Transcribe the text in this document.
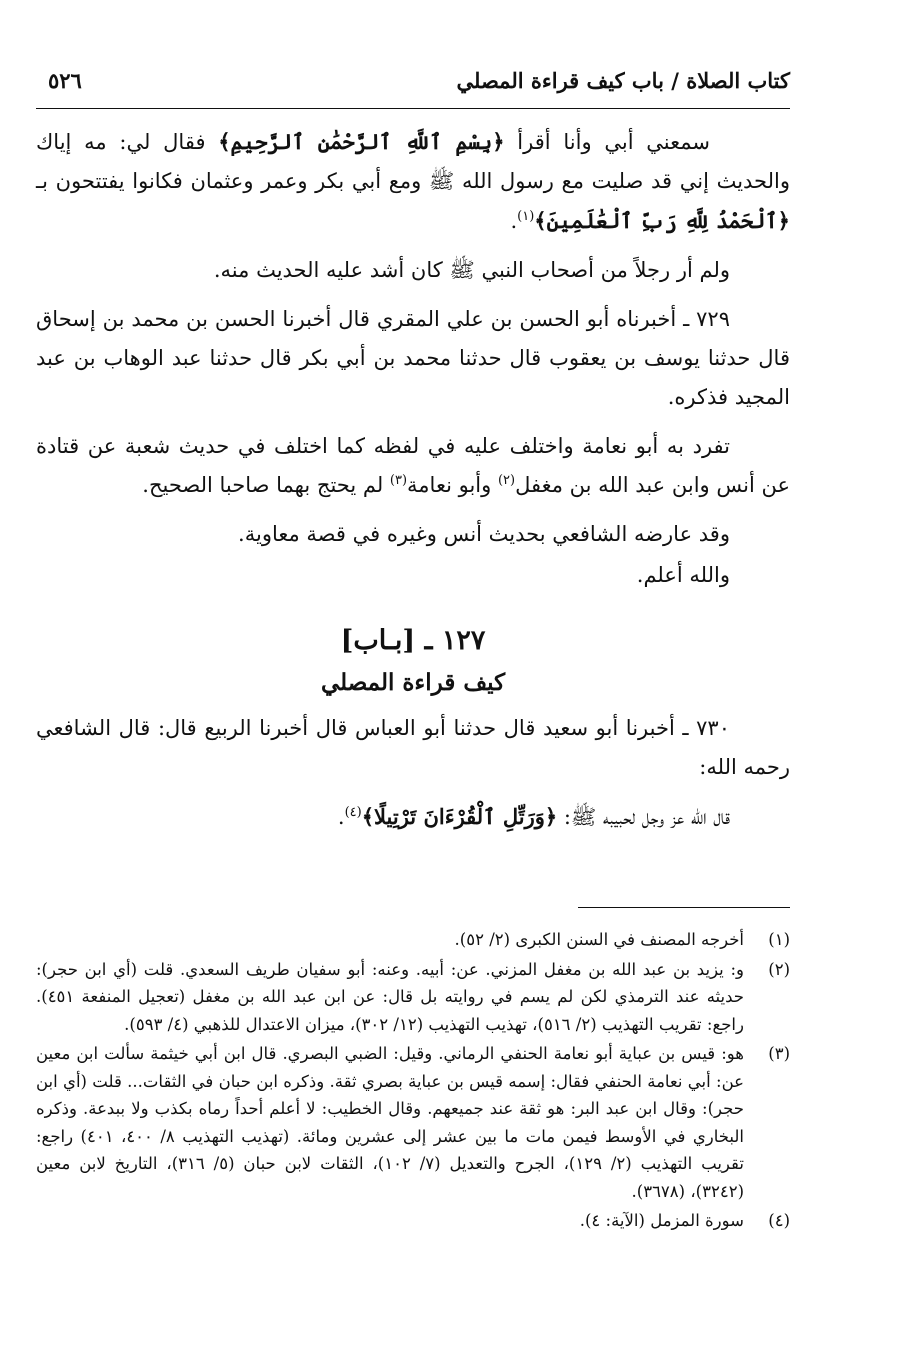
كتاب الصلاة / باب كيف قراءة المصلي
٥٢٦

سمعني أبي وأنا أقرأ ﴿بِسْمِ ٱللَّهِ ٱلرَّحْمَٰنِ ٱلرَّحِيمِ﴾ فقال لي: مه إياك والحديث إني قد صليت مع رسول الله ﷺ ومع أبي بكر وعمر وعثمان فكانوا يفتتحون بـ ﴿ٱلْحَمْدُ لِلَّهِ رَبِّ ٱلْعَٰلَمِينَ﴾$^{(١)}$.

ولم أر رجلاً من أصحاب النبي ﷺ كان أشد عليه الحديث منه.

٧٢٩ ـ أخبرناه أبو الحسن بن علي المقري قال أخبرنا الحسن بن محمد بن إسحاق قال حدثنا يوسف بن يعقوب قال حدثنا محمد بن أبي بكر قال حدثنا عبد الوهاب بن عبد المجيد فذكره.

تفرد به أبو نعامة واختلف عليه في لفظه كما اختلف في حديث شعبة عن قتادة عن أنس وابن عبد الله بن مغفل$^{(٢)}$ وأبو نعامة$^{(٣)}$ لم يحتج بهما صاحبا الصحيح.

وقد عارضه الشافعي بحديث أنس وغيره في قصة معاوية.

والله أعلم.

١٢٧ ـ [بـاب]
كيف قراءة المصلي

٧٣٠ ـ أخبرنا أبو سعيد قال حدثنا أبو العباس قال أخبرنا الربيع قال: قال الشافعي رحمه الله:

قال الله عز وجل لحبيبه ﷺ: ﴿وَرَتِّلِ ٱلْقُرْءَانَ تَرْتِيلًا﴾$^{(٤)}$.

(١)
أخرجه المصنف في السنن الكبرى (٢/ ٥٢).
(٢)
و: يزيد بن عبد الله بن مغفل المزني. عن: أبيه. وعنه: أبو سفيان طريف السعدي. قلت (أي ابن حجر): حديثه عند الترمذي لكن لم يسم في روايته بل قال: عن ابن عبد الله بن مغفل (تعجيل المنفعة ٤٥١). راجع: تقريب التهذيب (٢/ ٥١٦)، تهذيب التهذيب (١٢/ ٣٠٢)، ميزان الاعتدال للذهبي (٤/ ٥٩٣).
(٣)
هو: قيس بن عباية أبو نعامة الحنفي الرماني. وقيل: الضبي البصري. قال ابن أبي خيثمة سألت ابن معين عن: أبي نعامة الحنفي فقال: إسمه قيس بن عباية بصري ثقة. وذكره ابن حبان في الثقات... قلت (أي ابن حجر): وقال ابن عبد البر: هو ثقة عند جميعهم. وقال الخطيب: لا أعلم أحداً رماه بكذب ولا ببدعة. وذكره البخاري في الأوسط فيمن مات ما بين عشر إلى عشرين ومائة. (تهذيب التهذيب ٨/ ٤٠٠، ٤٠١) راجع: تقريب التهذيب (٢/ ١٢٩)، الجرح والتعديل (٧/ ١٠٢)، الثقات لابن حبان (٥/ ٣١٦)، التاريخ لابن معين (٣٢٤٢)، (٣٦٧٨).
(٤)
سورة المزمل (الآية: ٤).
